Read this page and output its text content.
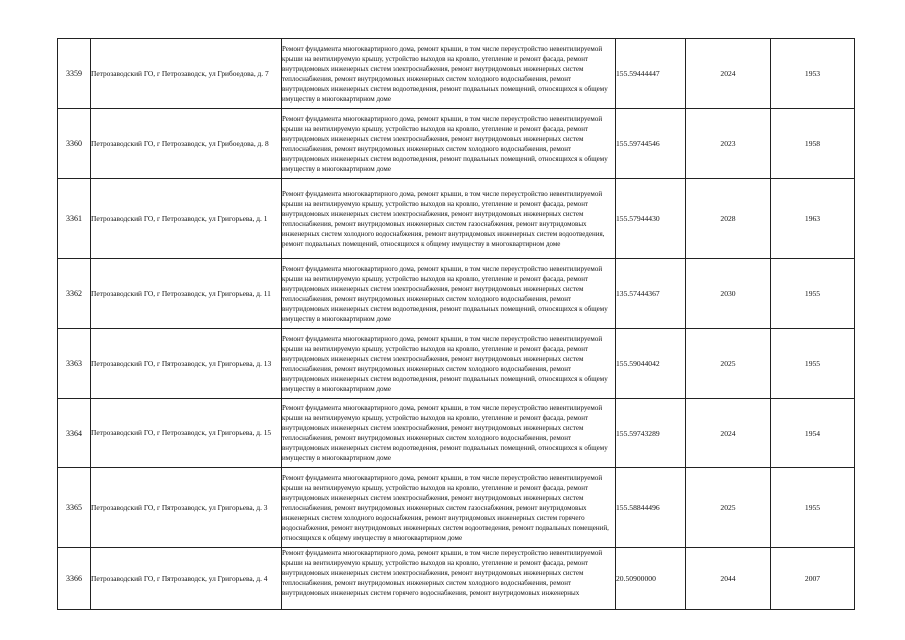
3359	Петрозаводский ГО, г Петрозаводск, ул Грибоедова, д. 7	Ремонт фундамента многоквартирного дома, ремонт крыши, в том числе переустройство невентилируемой крыши на вентилируемую крышу, устройство выходов на кровлю, утепление и ремонт фасада, ремонт внутридомовых инженерных систем электроснабжения, ремонт внутридомовых инженерных систем теплоснабжения, ремонт внутридомовых инженерных систем холодного водоснабжения, ремонт внутридомовых инженерных систем водоотведения, ремонт подвальных помещений, относящихся к общему имуществу в многоквартирном доме	155.59444447	2024	1953
3360	Петрозаводский ГО, г Петрозаводск, ул Грибоедова, д. 8	Ремонт фундамента многоквартирного дома, ремонт крыши, в том числе переустройство невентилируемой крыши на вентилируемую крышу, устройство выходов на кровлю, утепление и ремонт фасада, ремонт внутридомовых инженерных систем электроснабжения, ремонт внутридомовых инженерных систем теплоснабжения, ремонт внутридомовых инженерных систем холодного водоснабжения, ремонт внутридомовых инженерных систем водоотведения, ремонт подвальных помещений, относящихся к общему имуществу в многоквартирном доме	155.59744546	2023	1958
3361	Петрозаводский ГО, г Петрозаводск, ул Григорьева, д. 1	Ремонт фундамента многоквартирного дома, ремонт крыши, в том числе переустройство невентилируемой крыши на вентилируемую крышу, устройство выходов на кровлю, утепление и ремонт фасада, ремонт внутридомовых инженерных систем электроснабжения, ремонт внутридомовых инженерных систем теплоснабжения, ремонт внутридомовых инженерных систем газоснабжения, ремонт внутридомовых инженерных систем холодного водоснабжения, ремонт внутридомовых инженерных систем водоотведения, ремонт подвальных помещений, относящихся к общему имуществу в многоквартирном доме	155.57944430	2028	1963
3362	Петрозаводский ГО, г Петрозаводск, ул Григорьева, д. 11	Ремонт фундамента многоквартирного дома, ремонт крыши, в том числе переустройство невентилируемой крыши на вентилируемую крышу, устройство выходов на кровлю, утепление и ремонт фасада, ремонт внутридомовых инженерных систем электроснабжения, ремонт внутридомовых инженерных систем теплоснабжения, ремонт внутридомовых инженерных систем холодного водоснабжения, ремонт внутридомовых инженерных систем водоотведения, ремонт подвальных помещений, относящихся к общему имуществу в многоквартирном доме	135.57444367	2030	1955
3363	Петрозаводский ГО, г Пятрозаводск, ул Григорьева, д. 13	Ремонт фундамента многоквартирного дома, ремонт крыши, в том числе переустройство невентилируемой крыши на вентилируемую крышу, устройство выходов на кровлю, утепление и ремонт фасада, ремонт внутридомовых инженерных систем электроснабжения, ремонт внутридомовых инженерных систем теплоснабжения, ремонт внутридомовых инженерных систем холодного водоснабжения, ремонт внутридомовых инженерных систем водоотведения, ремонт подвальных помещений, относящихся к общему имуществу в многоквартирном доме	155.59044042	2025	1955
3364	Петрозаводский ГО, г Петрозаводск, ул Григорьева, д. 15	Ремонт фундамента многоквартирного дома, ремонт крыши, в том числе переустройство невентилируемой крыши на вентилируемую крышу, устройство выходов на кровлю, утепление и ремонт фасада, ремонт внутридомовых инженерных систем электроснабжения, ремонт внутридомовых инженерных систем теплоснабжения, ремонт внутридомовых инженерных систем холодного водоснабжения, ремонт внутридомовых инженерных систем водоотведения, ремонт подвальных помещений, относящихся к общему имуществу в многоквартирном доме	155.59743289	2024	1954
3365	Петрозаводский ГО, г Пятрозаводск, ул Григорьева, д. 3	Ремонт фундамента многоквартирного дома, ремонт крыши, в том числе переустройство невентилируемой крыши на вентилируемую крышу, устройство выходов на кровлю, утепление и ремонт фасада, ремонт внутридомовых инженерных систем электроснабжения, ремонт внутридомовых инженерных систем теплоснабжения, ремонт внутридомовых инженерных систем газоснабжения, ремонт внутридомовых инженерных систем холодного водоснабжения, ремонт внутридомовых инженерных систем горячего водоснабжения, ремонт внутридомовых инженерных систем водоотведения, ремонт подвальных помещений, относящихся к общему имуществу в многоквартирном доме	155.58844496	2025	1955
3366	Петрозаводский ГО, г Пятрозаводск, ул Григорьева, д. 4	Ремонт фундамента многоквартирного дома, ремонт крыши, в том числе переустройство невентилируемой крыши на вентилируемую крышу, устройство выходов на кровлю, утепление и ремонт фасада, ремонт внутридомовых инженерных систем электроснабжения, ремонт внутридомовых инженерных систем теплоснабжения, ремонт внутридомовых инженерных систем холодного водоснабжения, ремонт внутридомовых инженерных систем горячего водоснабжения, ремонт внутридомовых инженерных	20.50900000	2044	2007
